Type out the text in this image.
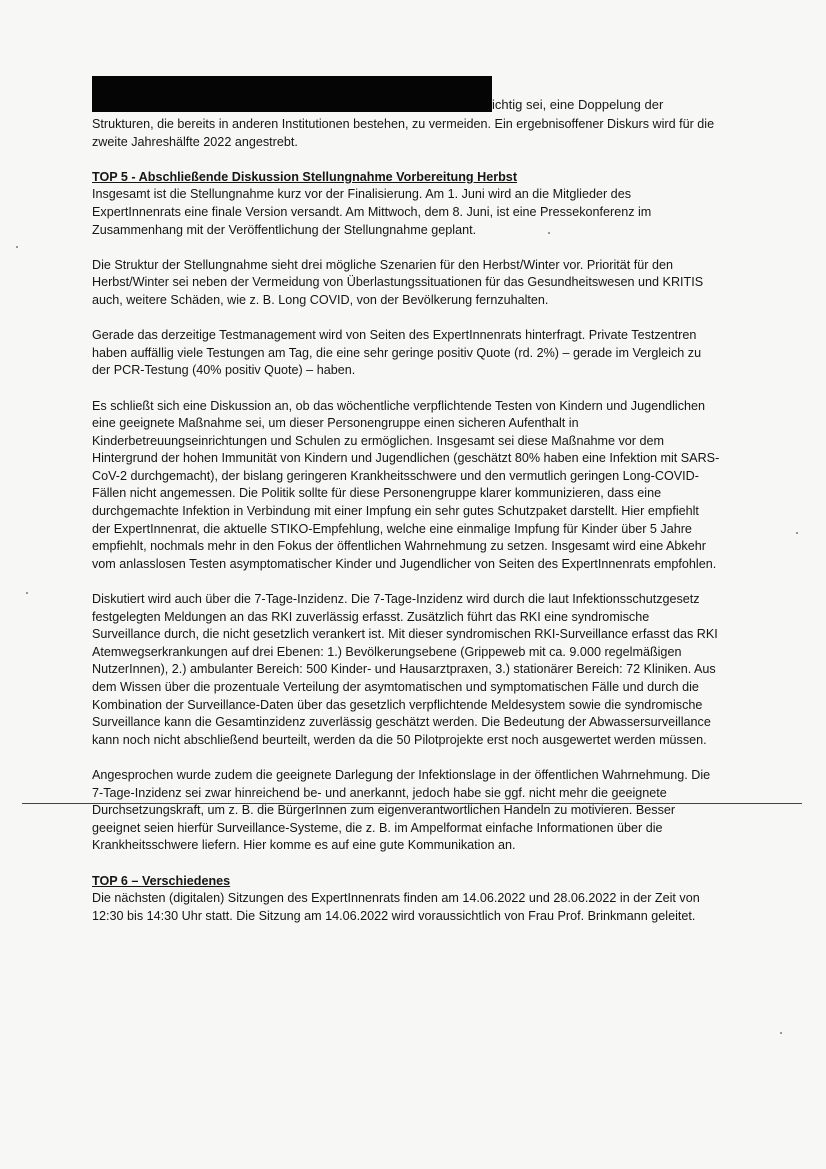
ichtig sei, eine Doppelung der

Strukturen, die bereits in anderen Institutionen bestehen, zu vermeiden. Ein ergebnisoffener Diskurs wird für die zweite Jahreshälfte 2022 angestrebt.

TOP 5 - Abschließende Diskussion Stellungnahme Vorbereitung Herbst

Insgesamt ist die Stellungnahme kurz vor der Finalisierung. Am 1. Juni wird an die Mitglieder des ExpertInnenrats eine finale Version versandt. Am Mittwoch, dem 8. Juni, ist eine Pressekonferenz im Zusammenhang mit der Veröffentlichung der Stellungnahme geplant.

Die Struktur der Stellungnahme sieht drei mögliche Szenarien für den Herbst/Winter vor. Priorität für den Herbst/Winter sei neben der Vermeidung von Überlastungssituationen für das Gesundheitswesen und KRITIS auch, weitere Schäden, wie z. B. Long COVID, von der Bevölkerung fernzuhalten.

Gerade das derzeitige Testmanagement wird von Seiten des ExpertInnenrats hinterfragt. Private Testzentren haben auffällig viele Testungen am Tag, die eine sehr geringe positiv Quote (rd. 2%) – gerade im Vergleich zu der PCR-Testung (40% positiv Quote) – haben.

Es schließt sich eine Diskussion an, ob das wöchentliche verpflichtende Testen von Kindern und Jugendlichen eine geeignete Maßnahme sei, um dieser Personengruppe einen sicheren Aufenthalt in Kinderbetreuungseinrichtungen und Schulen zu ermöglichen. Insgesamt sei diese Maßnahme vor dem Hintergrund der hohen Immunität von Kindern und Jugendlichen (geschätzt 80% haben eine Infektion mit SARS-CoV-2 durchgemacht), der bislang geringeren Krankheitsschwere und den vermutlich geringen Long-COVID-Fällen nicht angemessen. Die Politik sollte für diese Personengruppe klarer kommunizieren, dass eine durchgemachte Infektion in Verbindung mit einer Impfung ein sehr gutes Schutzpaket darstellt. Hier empfiehlt der ExpertInnenrat, die aktuelle STIKO-Empfehlung, welche eine einmalige Impfung für Kinder über 5 Jahre empfiehlt, nochmals mehr in den Fokus der öffentlichen Wahrnehmung zu setzen. Insgesamt wird eine Abkehr vom anlasslosen Testen asymptomatischer Kinder und Jugendlicher von Seiten des ExpertInnenrats empfohlen.

Diskutiert wird auch über die 7-Tage-Inzidenz. Die 7-Tage-Inzidenz wird durch die laut Infektionsschutzgesetz festgelegten Meldungen an das RKI zuverlässig erfasst. Zusätzlich führt das RKI eine syndromische Surveillance durch, die nicht gesetzlich verankert ist. Mit dieser syndromischen RKI-Surveillance erfasst das RKI Atemwegserkrankungen auf drei Ebenen: 1.) Bevölkerungsebene (Grippeweb mit ca. 9.000 regelmäßigen NutzerInnen), 2.) ambulanter Bereich: 500 Kinder- und Hausarztpraxen, 3.) stationärer Bereich: 72 Kliniken. Aus dem Wissen über die prozentuale Verteilung der asymtomatischen und symptomatischen Fälle und durch die Kombination der Surveillance-Daten über das gesetzlich verpflichtende Meldesystem sowie die syndromische Surveillance kann die Gesamtinzidenz zuverlässig geschätzt werden. Die Bedeutung der Abwassersurveillance kann noch nicht abschließend beurteilt, werden da die 50 Pilotprojekte erst noch ausgewertet werden müssen.

Angesprochen wurde zudem die geeignete Darlegung der Infektionslage in der öffentlichen Wahrnehmung. Die 7-Tage-Inzidenz sei zwar hinreichend be- und anerkannt, jedoch habe sie ggf. nicht mehr die geeignete Durchsetzungskraft, um z. B. die BürgerInnen zum eigenverantwortlichen Handeln zu motivieren. Besser geeignet seien hierfür Surveillance-Systeme, die z. B. im Ampelformat einfache Informationen über die Krankheitsschwere liefern. Hier komme es auf eine gute Kommunikation an.

TOP 6 – Verschiedenes

Die nächsten (digitalen) Sitzungen des ExpertInnenrats finden am 14.06.2022 und 28.06.2022 in der Zeit von 12:30 bis 14:30 Uhr statt. Die Sitzung am 14.06.2022 wird voraussichtlich von Frau Prof. Brinkmann geleitet.
